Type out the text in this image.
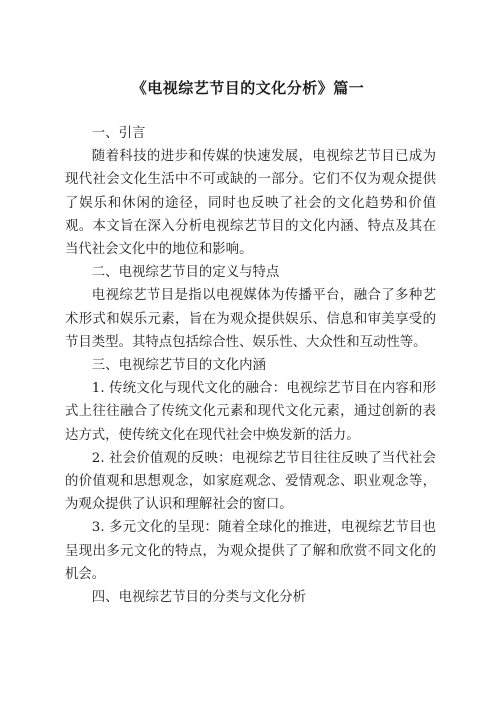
《电视综艺节目的文化分析》篇一

一、引言

随着科技的进步和传媒的快速发展，电视综艺节目已成为现代社会文化生活中不可或缺的一部分。它们不仅为观众提供了娱乐和休闲的途径，同时也反映了社会的文化趋势和价值观。本文旨在深入分析电视综艺节目的文化内涵、特点及其在当代社会文化中的地位和影响。

二、电视综艺节目的定义与特点

电视综艺节目是指以电视媒体为传播平台，融合了多种艺术形式和娱乐元素，旨在为观众提供娱乐、信息和审美享受的节目类型。其特点包括综合性、娱乐性、大众性和互动性等。

三、电视综艺节目的文化内涵

1. 传统文化与现代文化的融合：电视综艺节目在内容和形式上往往融合了传统文化元素和现代文化元素，通过创新的表达方式，使传统文化在现代社会中焕发新的活力。

2. 社会价值观的反映：电视综艺节目往往反映了当代社会的价值观和思想观念，如家庭观念、爱情观念、职业观念等，为观众提供了认识和理解社会的窗口。

3. 多元文化的呈现：随着全球化的推进，电视综艺节目也呈现出多元文化的特点，为观众提供了了解和欣赏不同文化的机会。

四、电视综艺节目的分类与文化分析
